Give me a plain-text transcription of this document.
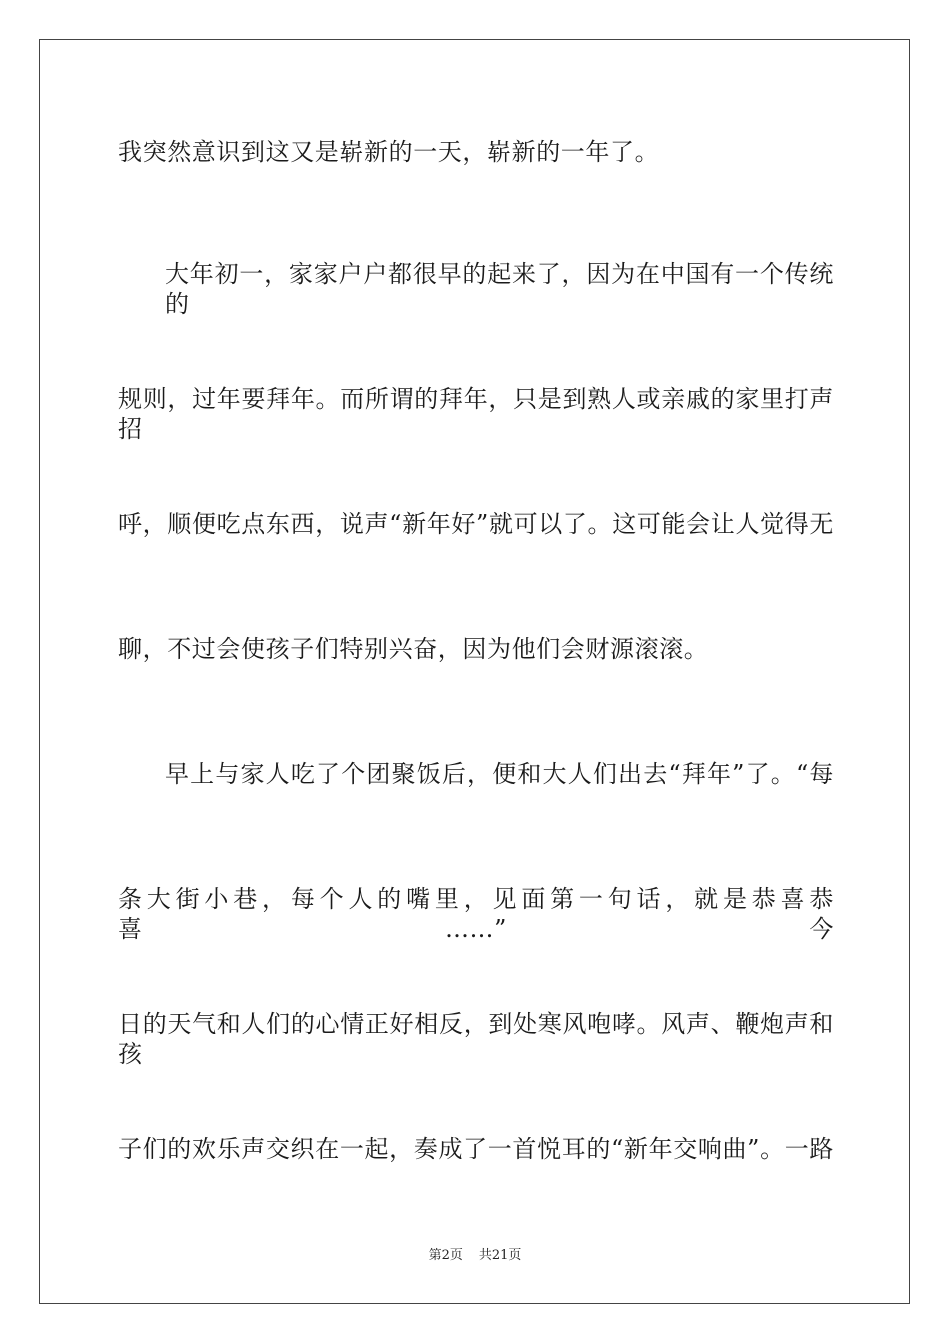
我突然意识到这又是崭新的一天，崭新的一年了。
大年初一，家家户户都很早的起来了，因为在中国有一个传统的
规则，过年要拜年。而所谓的拜年，只是到熟人或亲戚的家里打声招
呼，顺便吃点东西，说声“新年好”就可以了。这可能会让人觉得无
聊，不过会使孩子们特别兴奋，因为他们会财源滚滚。
早上与家人吃了个团聚饭后，便和大人们出去“拜年”了。“每
条大街小巷，每个人的嘴里，见面第一句话，就是恭喜恭喜……”今
日的天气和人们的心情正好相反，到处寒风咆哮。风声、鞭炮声和孩
子们的欢乐声交织在一起，奏成了一首悦耳的“新年交响曲”。一路
第2页 共21页
